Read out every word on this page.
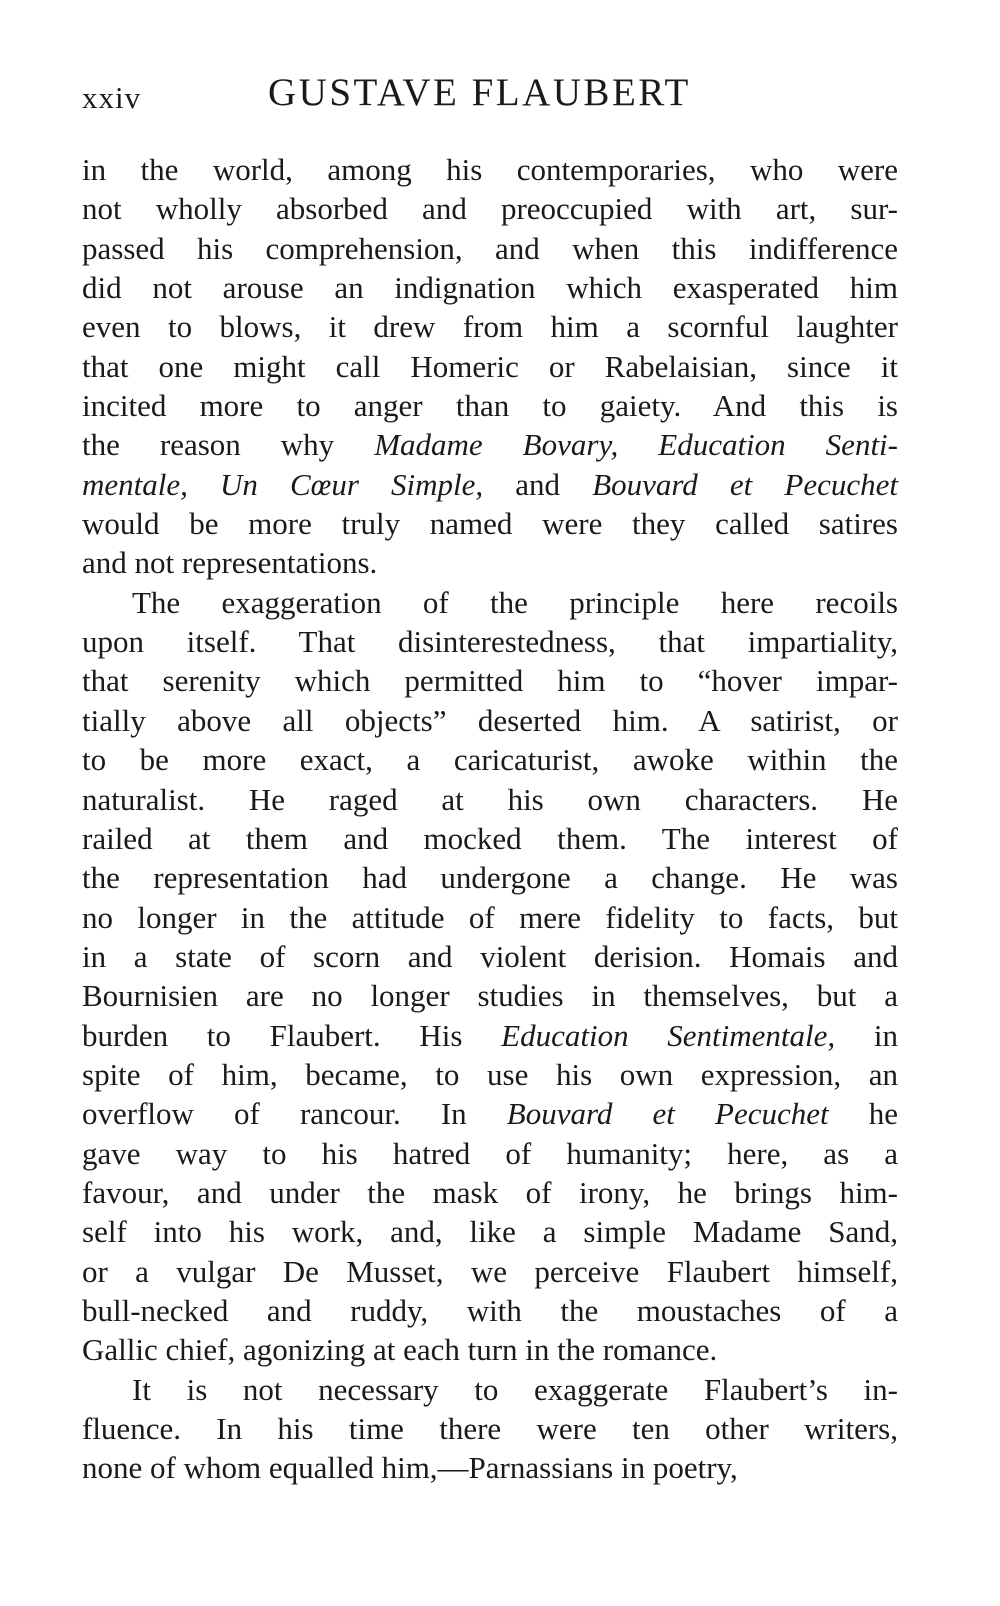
xxiv	GUSTAVE FLAUBERT
in the world, among his contemporaries, who were
not wholly absorbed and preoccupied with art, sur-
passed his comprehension, and when this indifference
did not arouse an indignation which exasperated him
even to blows, it drew from him a scornful laughter
that one might call Homeric or Rabelaisian, since it
incited more to anger than to gaiety. And this is
the reason why Madame Bovary, Education Senti-
mentale, Un Cœur Simple, and Bouvard et Pecuchet
would be more truly named were they called satires
and not representations.
The exaggeration of the principle here recoils
upon itself. That disinterestedness, that impartiality,
that serenity which permitted him to “hover impar-
tially above all objects” deserted him. A satirist, or
to be more exact, a caricaturist, awoke within the
naturalist. He raged at his own characters. He
railed at them and mocked them. The interest of
the representation had undergone a change. He was
no longer in the attitude of mere fidelity to facts, but
in a state of scorn and violent derision. Homais and
Bournisien are no longer studies in themselves, but a
burden to Flaubert. His Education Sentimentale, in
spite of him, became, to use his own expression, an
overflow of rancour. In Bouvard et Pecuchet he
gave way to his hatred of humanity; here, as a
favour, and under the mask of irony, he brings him-
self into his work, and, like a simple Madame Sand,
or a vulgar De Musset, we perceive Flaubert himself,
bull-necked and ruddy, with the moustaches of a
Gallic chief, agonizing at each turn in the romance.
It is not necessary to exaggerate Flaubert’s in-
fluence. In his time there were ten other writers,
none of whom equalled him,—Parnassians in poetry,
